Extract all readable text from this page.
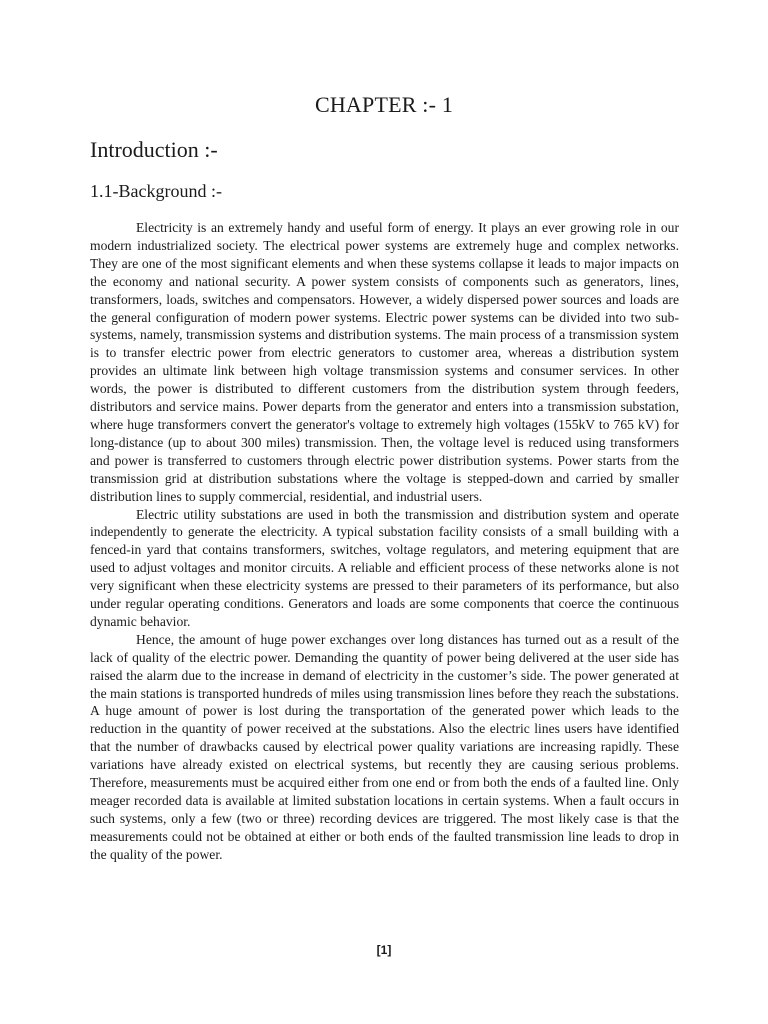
CHAPTER :- 1
Introduction :-
1.1-Background :-

Electricity is an extremely handy and useful form of energy. It plays an ever growing role in our modern industrialized society. The electrical power systems are extremely huge and complex networks. They are one of the most significant elements and when these systems collapse it leads to major impacts on the economy and national security. A power system consists of components such as generators, lines, transformers, loads, switches and compensators. However, a widely dispersed power sources and loads are the general configuration of modern power systems. Electric power systems can be divided into two sub-systems, namely, transmission systems and distribution systems. The main process of a transmission system is to transfer electric power from electric generators to customer area, whereas a distribution system provides an ultimate link between high voltage transmission systems and consumer services. In other words, the power is distributed to different customers from the distribution system through feeders, distributors and service mains. Power departs from the generator and enters into a transmission substation, where huge transformers convert the generator's voltage to extremely high voltages (155kV to 765 kV) for long-distance (up to about 300 miles) transmission. Then, the voltage level is reduced using transformers and power is transferred to customers through electric power distribution systems. Power starts from the transmission grid at distribution substations where the voltage is stepped-down and carried by smaller distribution lines to supply commercial, residential, and industrial users.

Electric utility substations are used in both the transmission and distribution system and operate independently to generate the electricity. A typical substation facility consists of a small building with a fenced-in yard that contains transformers, switches, voltage regulators, and metering equipment that are used to adjust voltages and monitor circuits. A reliable and efficient process of these networks alone is not very significant when these electricity systems are pressed to their parameters of its performance, but also under regular operating conditions. Generators and loads are some components that coerce the continuous dynamic behavior.

Hence, the amount of huge power exchanges over long distances has turned out as a result of the lack of quality of the electric power. Demanding the quantity of power being delivered at the user side has raised the alarm due to the increase in demand of electricity in the customer’s side. The power generated at the main stations is transported hundreds of miles using transmission lines before they reach the substations. A huge amount of power is lost during the transportation of the generated power which leads to the reduction in the quantity of power received at the substations. Also the electric lines users have identified that the number of drawbacks caused by electrical power quality variations are increasing rapidly. These variations have already existed on electrical systems, but recently they are causing serious problems. Therefore, measurements must be acquired either from one end or from both the ends of a faulted line. Only meager recorded data is available at limited substation locations in certain systems. When a fault occurs in such systems, only a few (two or three) recording devices are triggered. The most likely case is that the measurements could not be obtained at either or both ends of the faulted transmission line leads to drop in the quality of the power.

[1]
